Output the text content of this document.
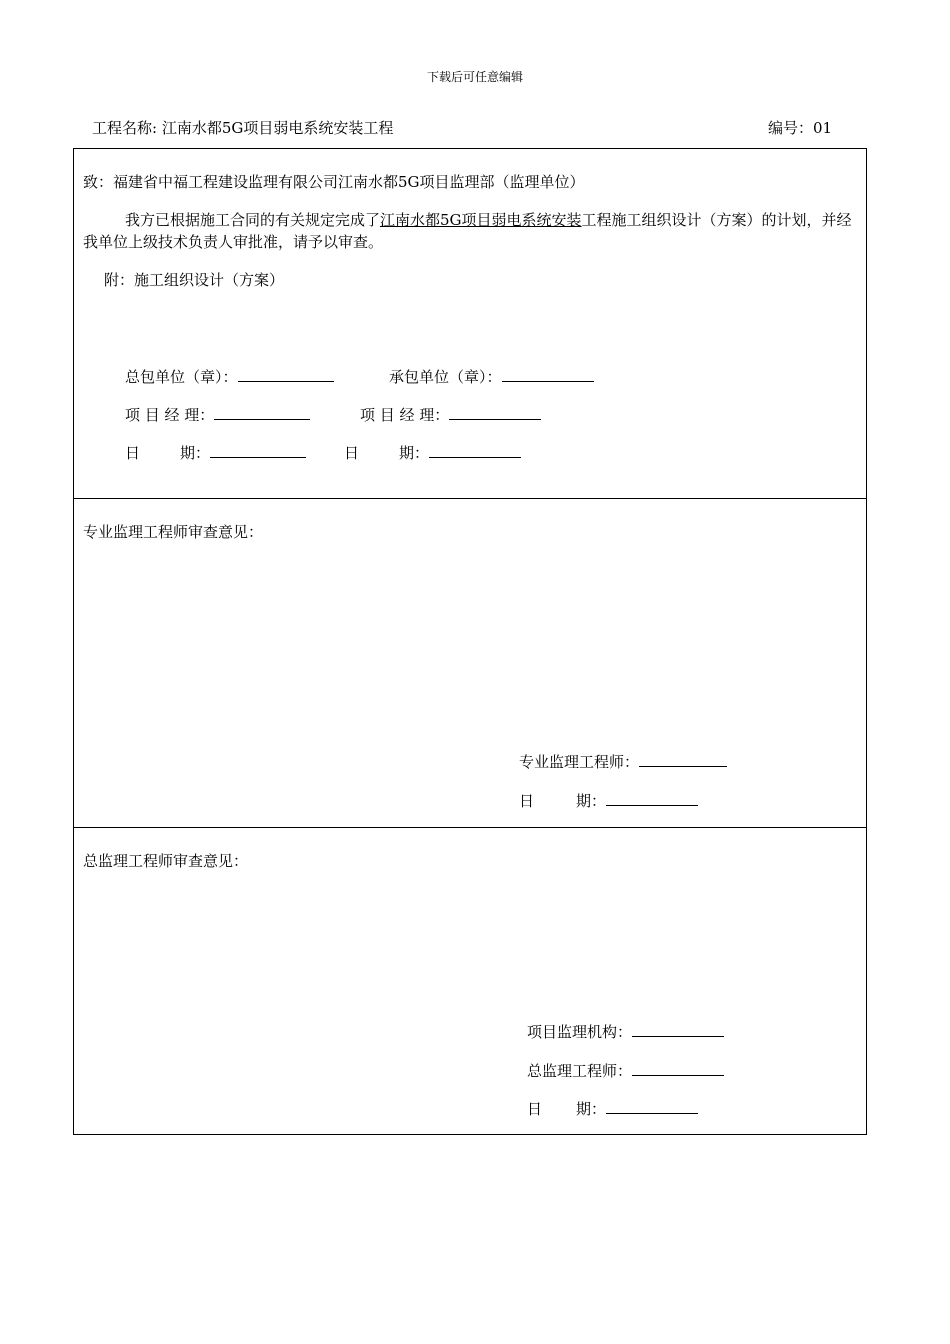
下载后可任意编辑
工程名称: 江南水都5G项目弱电系统安装工程	编号：01
致：福建省中福工程建设监理有限公司江南水都5G项目监理部（监理单位）
我方已根据施工合同的有关规定完成了江南水都5G项目弱电系统安装工程施工组织设计（方案）的计划，并经我单位上级技术负责人审批准，请予以审查。
附：施工组织设计（方案）
总包单位（章）：	承包单位（章）：
项 目 经 理：	项 目 经 理：
日	期：	日	期：
专业监理工程师审查意见：
专业监理工程师：
日	期：
总监理工程师审查意见：
项目监理机构：
总监理工程师：
日 期：
